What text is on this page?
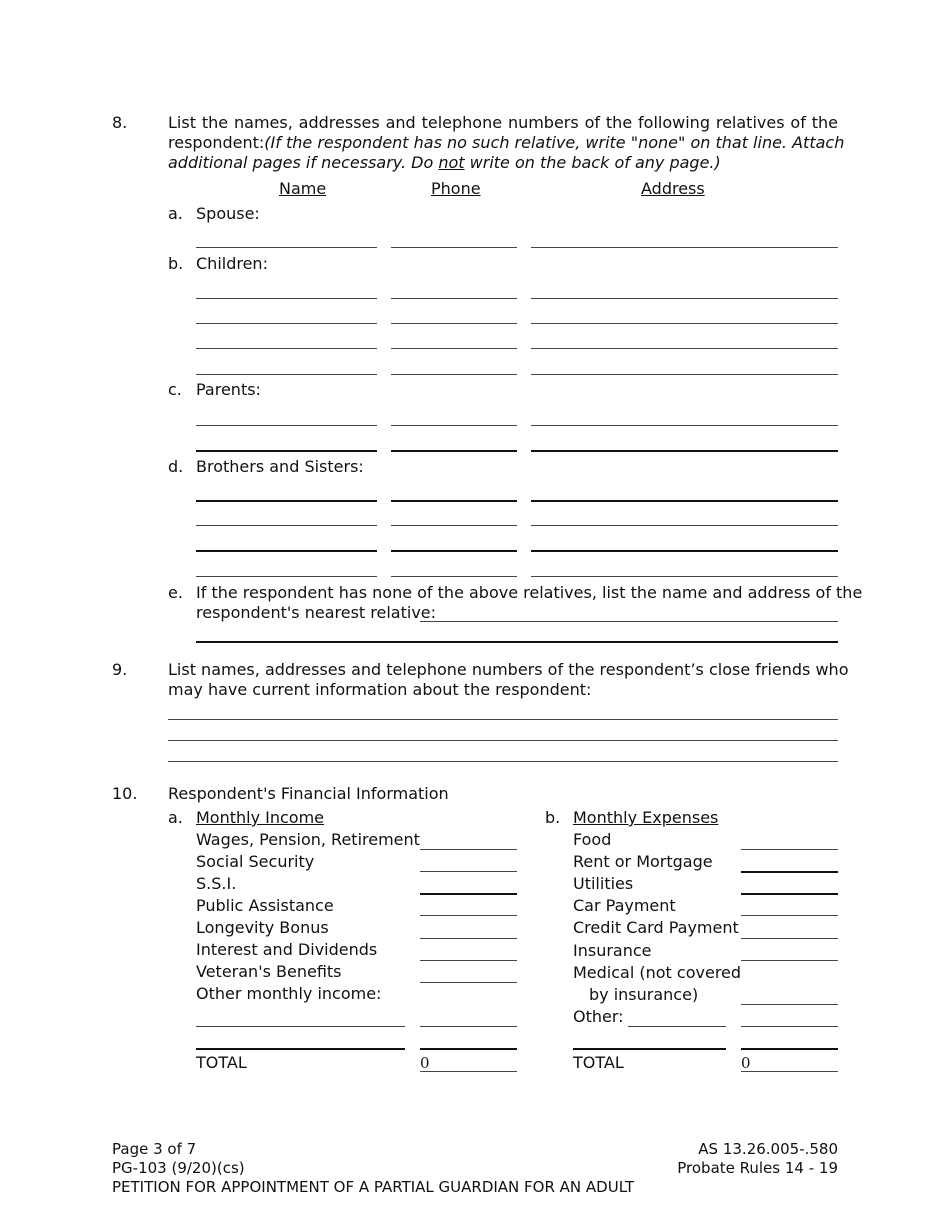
8.	List the names, addresses and telephone numbers of the following relatives of the
respondent: (If the respondent has no such relative, write "none" on that line. Attach
additional pages if necessary. Do not write on the back of any page.)
Name	Phone	Address
a. Spouse:
b. Children:
c. Parents:
d. Brothers and Sisters:
e. If the respondent has none of the above relatives, list the name and address of the
respondent's nearest relative:
9.	List names, addresses and telephone numbers of the respondent’s close friends who
may have current information about the respondent:
10. Respondent's Financial Information
a. Monthly Income
Wages, Pension, Retirement
Social Security
S.S.I.
Public Assistance
Longevity Bonus
Interest and Dividends
Veteran's Benefits
Other monthly income:
TOTAL	0
b. Monthly Expenses
Food
Rent or Mortgage
Utilities
Car Payment
Credit Card Payment
Insurance
Medical (not covered
by insurance)
Other:
TOTAL	0
Page 3 of 7
PG-103 (9/20)(cs)
PETITION FOR APPOINTMENT OF A PARTIAL GUARDIAN FOR AN ADULT
AS 13.26.005-.580
Probate Rules 14 - 19
